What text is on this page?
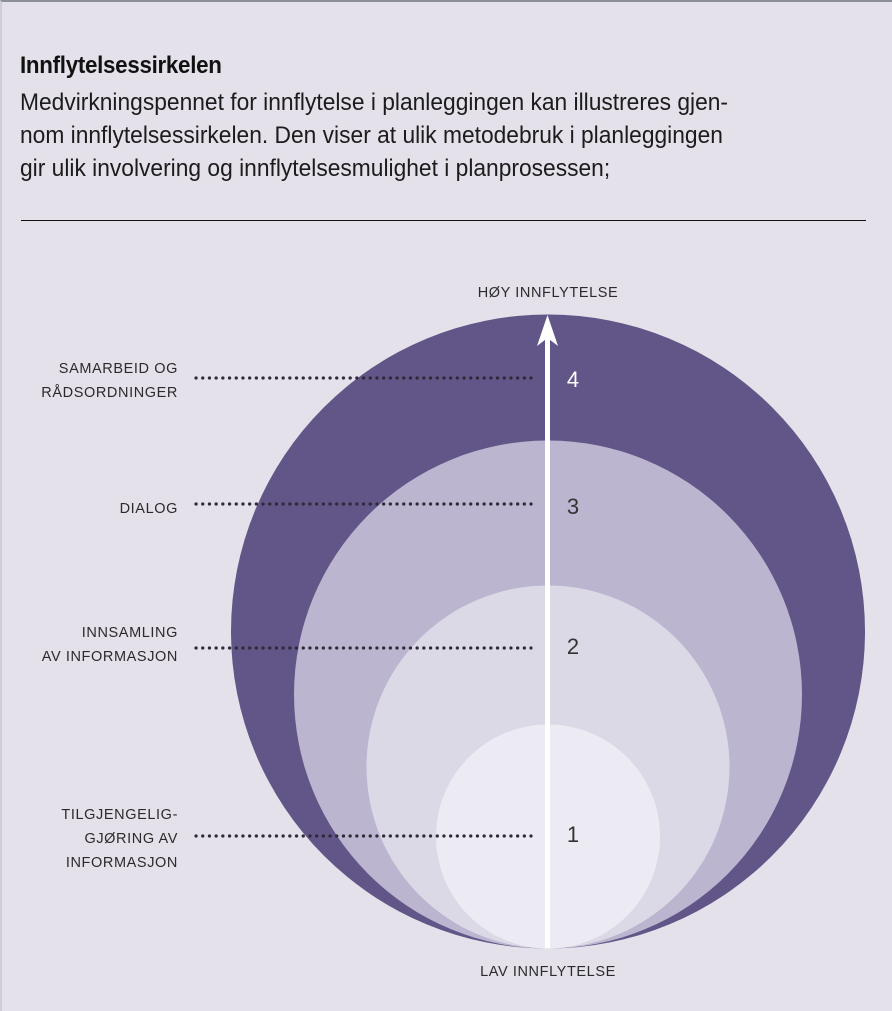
Innflytelsessirkelen
Medvirkningspennet for innflytelse i planleggingen kan illustreres gjen-
nom innflytelsessirkelen. Den viser at ulik metodebruk i planleggingen
gir ulik involvering og innflytelsesmulighet i planprosessen;
HØY INNFLYTELSE
LAV INNFLYTELSE
SAMARBEID OG
RÅDSORDNINGER
DIALOG
INNSAMLING
AV INFORMASJON
TILGJENGELIG-
GJØRING AV
INFORMASJON
4
3
2
1
